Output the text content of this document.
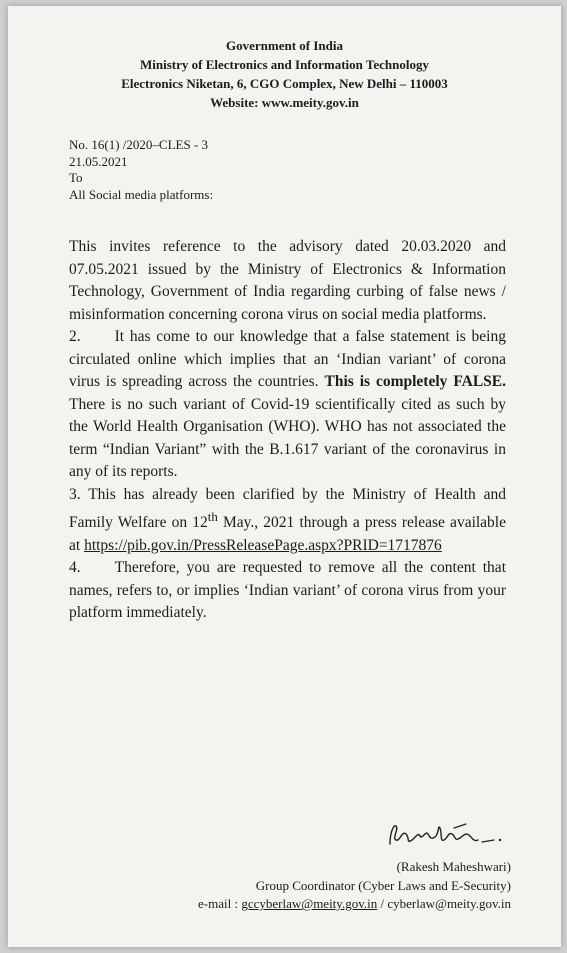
Government of India
Ministry of Electronics and Information Technology
Electronics Niketan, 6, CGO Complex, New Delhi – 110003
Website: www.meity.gov.in
No. 16(1) /2020–CLES - 3
21.05.2021
To
All Social media platforms:

This invites reference to the advisory dated 20.03.2020 and 07.05.2021 issued by the Ministry of Electronics & Information Technology, Government of India regarding curbing of false news / misinformation concerning corona virus on social media platforms.

2. It has come to our knowledge that a false statement is being circulated online which implies that an ‘Indian variant’ of corona virus is spreading across the countries. This is completely FALSE. There is no such variant of Covid-19 scientifically cited as such by the World Health Organisation (WHO). WHO has not associated the term “Indian Variant” with the B.1.617 variant of the coronavirus in any of its reports.

3. This has already been clarified by the Ministry of Health and Family Welfare on 12th May., 2021 through a press release available at https://pib.gov.in/PressReleasePage.aspx?PRID=1717876

4. Therefore, you are requested to remove all the content that names, refers to, or implies ‘Indian variant’ of corona virus from your platform immediately.

(Rakesh Maheshwari)
Group Coordinator (Cyber Laws and E-Security)
e-mail : gccyberlaw@meity.gov.in / cyberlaw@meity.gov.in
